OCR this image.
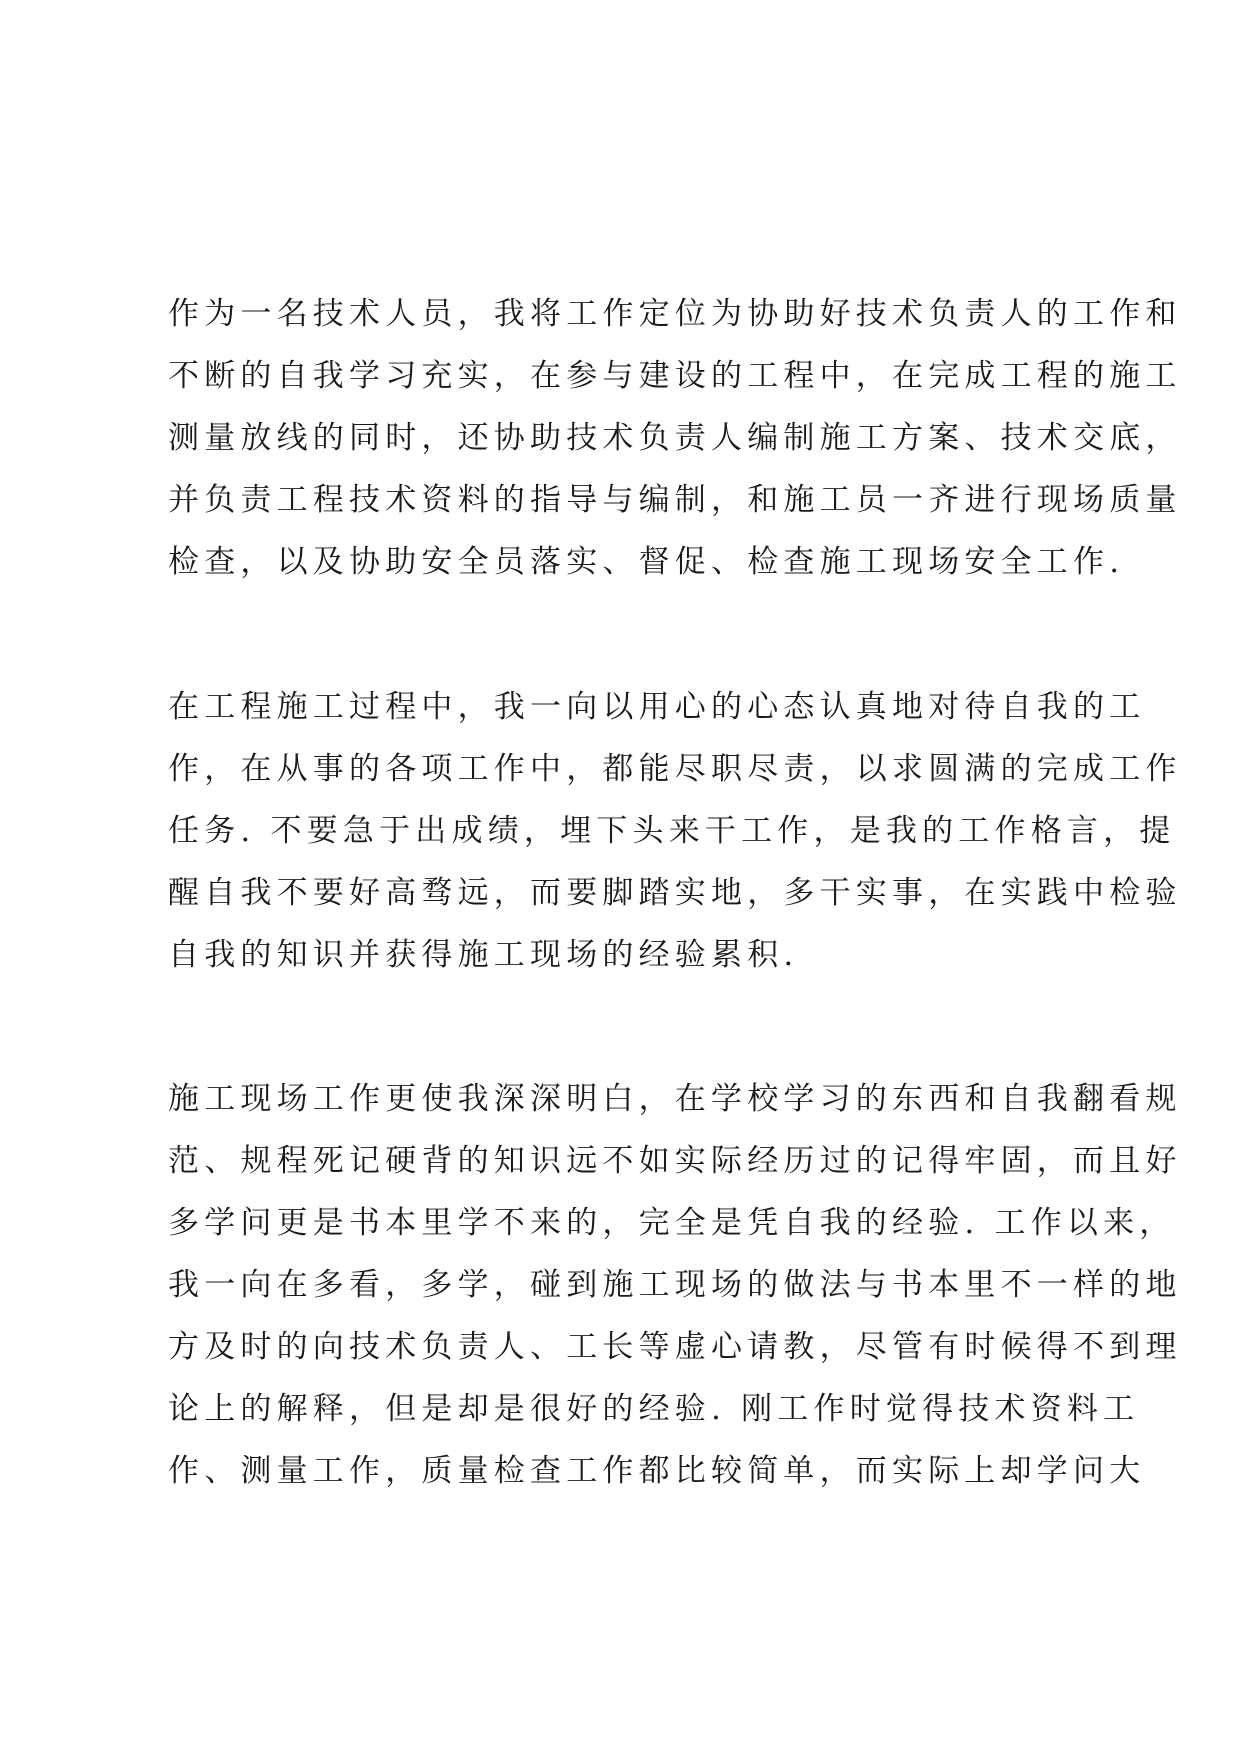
作为一名技术人员，我将工作定位为协助好技术负责人的工作和
不断的自我学习充实，在参与建设的工程中，在完成工程的施工
测量放线的同时，还协助技术负责人编制施工方案、技术交底，
并负责工程技术资料的指导与编制，和施工员一齐进行现场质量
检查，以及协助安全员落实、督促、检查施工现场安全工作.
在工程施工过程中，我一向以用心的心态认真地对待自我的工
作，在从事的各项工作中，都能尽职尽责，以求圆满的完成工作
任务. 不要急于出成绩，埋下头来干工作，是我的工作格言，提
醒自我不要好高骛远，而要脚踏实地，多干实事，在实践中检验
自我的知识并获得施工现场的经验累积.
施工现场工作更使我深深明白，在学校学习的东西和自我翻看规
范、规程死记硬背的知识远不如实际经历过的记得牢固，而且好
多学问更是书本里学不来的，完全是凭自我的经验. 工作以来，
我一向在多看，多学，碰到施工现场的做法与书本里不一样的地
方及时的向技术负责人、工长等虚心请教，尽管有时候得不到理
论上的解释，但是却是很好的经验. 刚工作时觉得技术资料工
作、测量工作，质量检查工作都比较简单，而实际上却学问大
